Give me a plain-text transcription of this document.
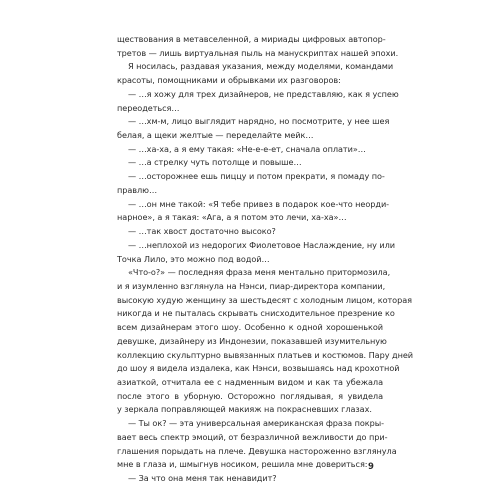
ществования в метавселенной, а мириады цифровых автопор-
третов — лишь виртуальная пыль на манускриптах нашей эпохи.
Я носилась, раздавая указания, между моделями, командами
красоты, помощниками и обрывками их разговоров:
— …я хожу для трех дизайнеров, не представляю, как я успею
переодеться…
— …хм-м, лицо выглядит нарядно, но посмотрите, у нее шея
белая, а щеки желтые — переделайте мейк…
— …ха-ха, а я ему такая: «Не-е-е-ет, сначала оплати»…
— …а стрелку чуть потолще и повыше…
— …осторожнее ешь пиццу и потом прекрати, я помаду по-
правлю…
— …он мне такой: «Я тебе привез в подарок кое-что неорди-
нарное», а я такая: «Ага, а я потом это лечи, ха-ха»…
— …так хвост достаточно высоко?
— …неплохой из недорогих Фиолетовое Наслаждение, ну или
Точка Лило, это можно под водой…
«Что-о?» — последняя фраза меня ментально притормозила,
и я изумленно взглянула на Нэнси, пиар-директора компании,
высокую худую женщину за шестьдесят с холодным лицом, которая
никогда и не пыталась скрывать снисходительное презрение ко
всем дизайнерам этого шоу. Особенно к одной хорошенькой
девушке, дизайнеру из Индонезии, показавшей изумительную
коллекцию скульптурно вывязанных платьев и костюмов. Пару дней
до шоу я видела издалека, как Нэнси, возвышаясь над крохотной
азиаткой, отчитала ее с надменным видом и как та убежала
после этого в уборную. Осторожно поглядывая, я увидела
у зеркала поправляющей макияж на покрасневших глазах.
— Ты ок? — эта универсальная американская фраза покры-
вает весь спектр эмоций, от безразличной вежливости до при-
глашения порыдать на плече. Девушка настороженно взглянула
мне в глаза и, шмыгнув носиком, решила мне довериться:
— За что она меня так ненавидит?
9
